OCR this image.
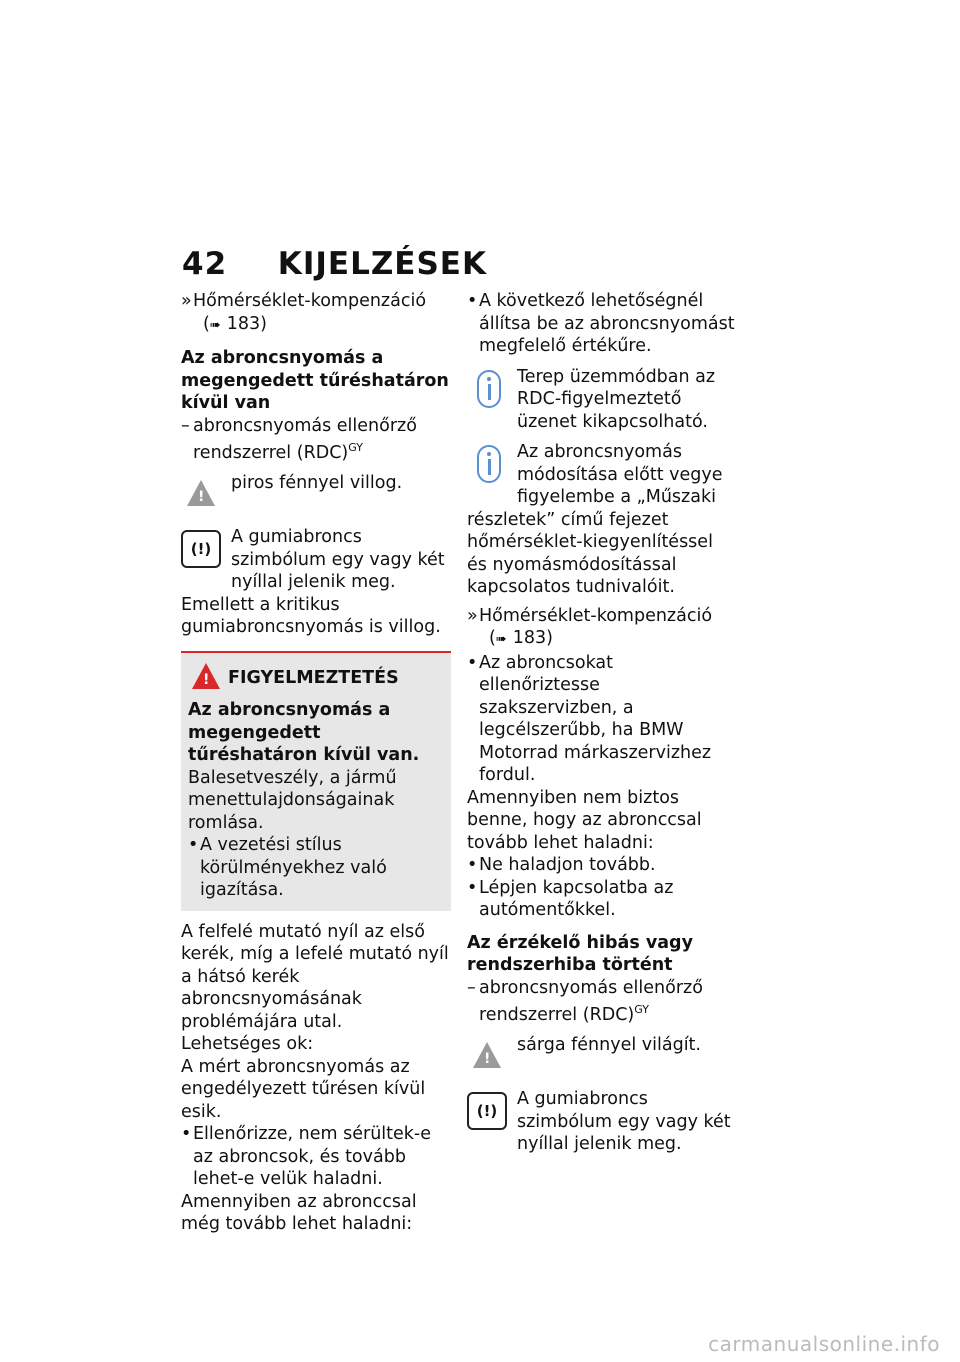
42 KIJELZÉSEK

» Hőmérséklet-kompenzáció

(➠ 183)

Az abroncsnyomás a megengedett tűréshatáron kívül van

– abroncsnyomás ellenőrző

rendszerrel (RDC)$^{GY}$

!

piros fénnyel villog.

(!)

A gumiabroncs szimbólum egy vagy két nyíllal jelenik meg. Emellett a kritikus gumiabroncsnyomás is villog.

!
FIGYELMEZTETÉS

Az abroncsnyomás a megengedett tűréshatáron kívül van.

Balesetveszély, a jármű menettulajdonságainak romlása.

• A vezetési stílus körülményekhez való igazítása.

A felfelé mutató nyíl az első kerék, míg a lefelé mutató nyíl a hátsó kerék abroncsnyomásának problémájára utal.

Lehetséges ok:

A mért abroncsnyomás az engedélyezett tűrésen kívül esik.

• Ellenőrizze, nem sérültek-e az abroncsok, és tovább lehet-e velük haladni.

Amennyiben az abronccsal még tovább lehet haladni:

• A következő lehetőségnél állítsa be az abroncsnyomást megfelelő értékűre.

Terep üzemmódban az RDC-figyelmeztető üzenet kikapcsolható.

Az abroncsnyomás módosítása előtt vegye figyelembe a „Műszaki részletek” című fejezet hőmérséklet-kiegyenlítéssel és nyomásmódosítással kapcsolatos tudnivalóit.

» Hőmérséklet-kompenzáció

(➠ 183)

• Az abroncsokat ellenőriztesse szakszervizben, a legcélszerűbb, ha BMW Motorrad márkaszervizhez fordul.

Amennyiben nem biztos benne, hogy az abronccsal tovább lehet haladni:

• Ne haladjon tovább.

• Lépjen kapcsolatba az autómentőkkel.

Az érzékelő hibás vagy rendszerhiba történt

– abroncsnyomás ellenőrző

rendszerrel (RDC)$^{GY}$

!

sárga fénnyel világít.

(!)

A gumiabroncs szimbólum egy vagy két nyíllal jelenik meg.

carmanualsonline.info
